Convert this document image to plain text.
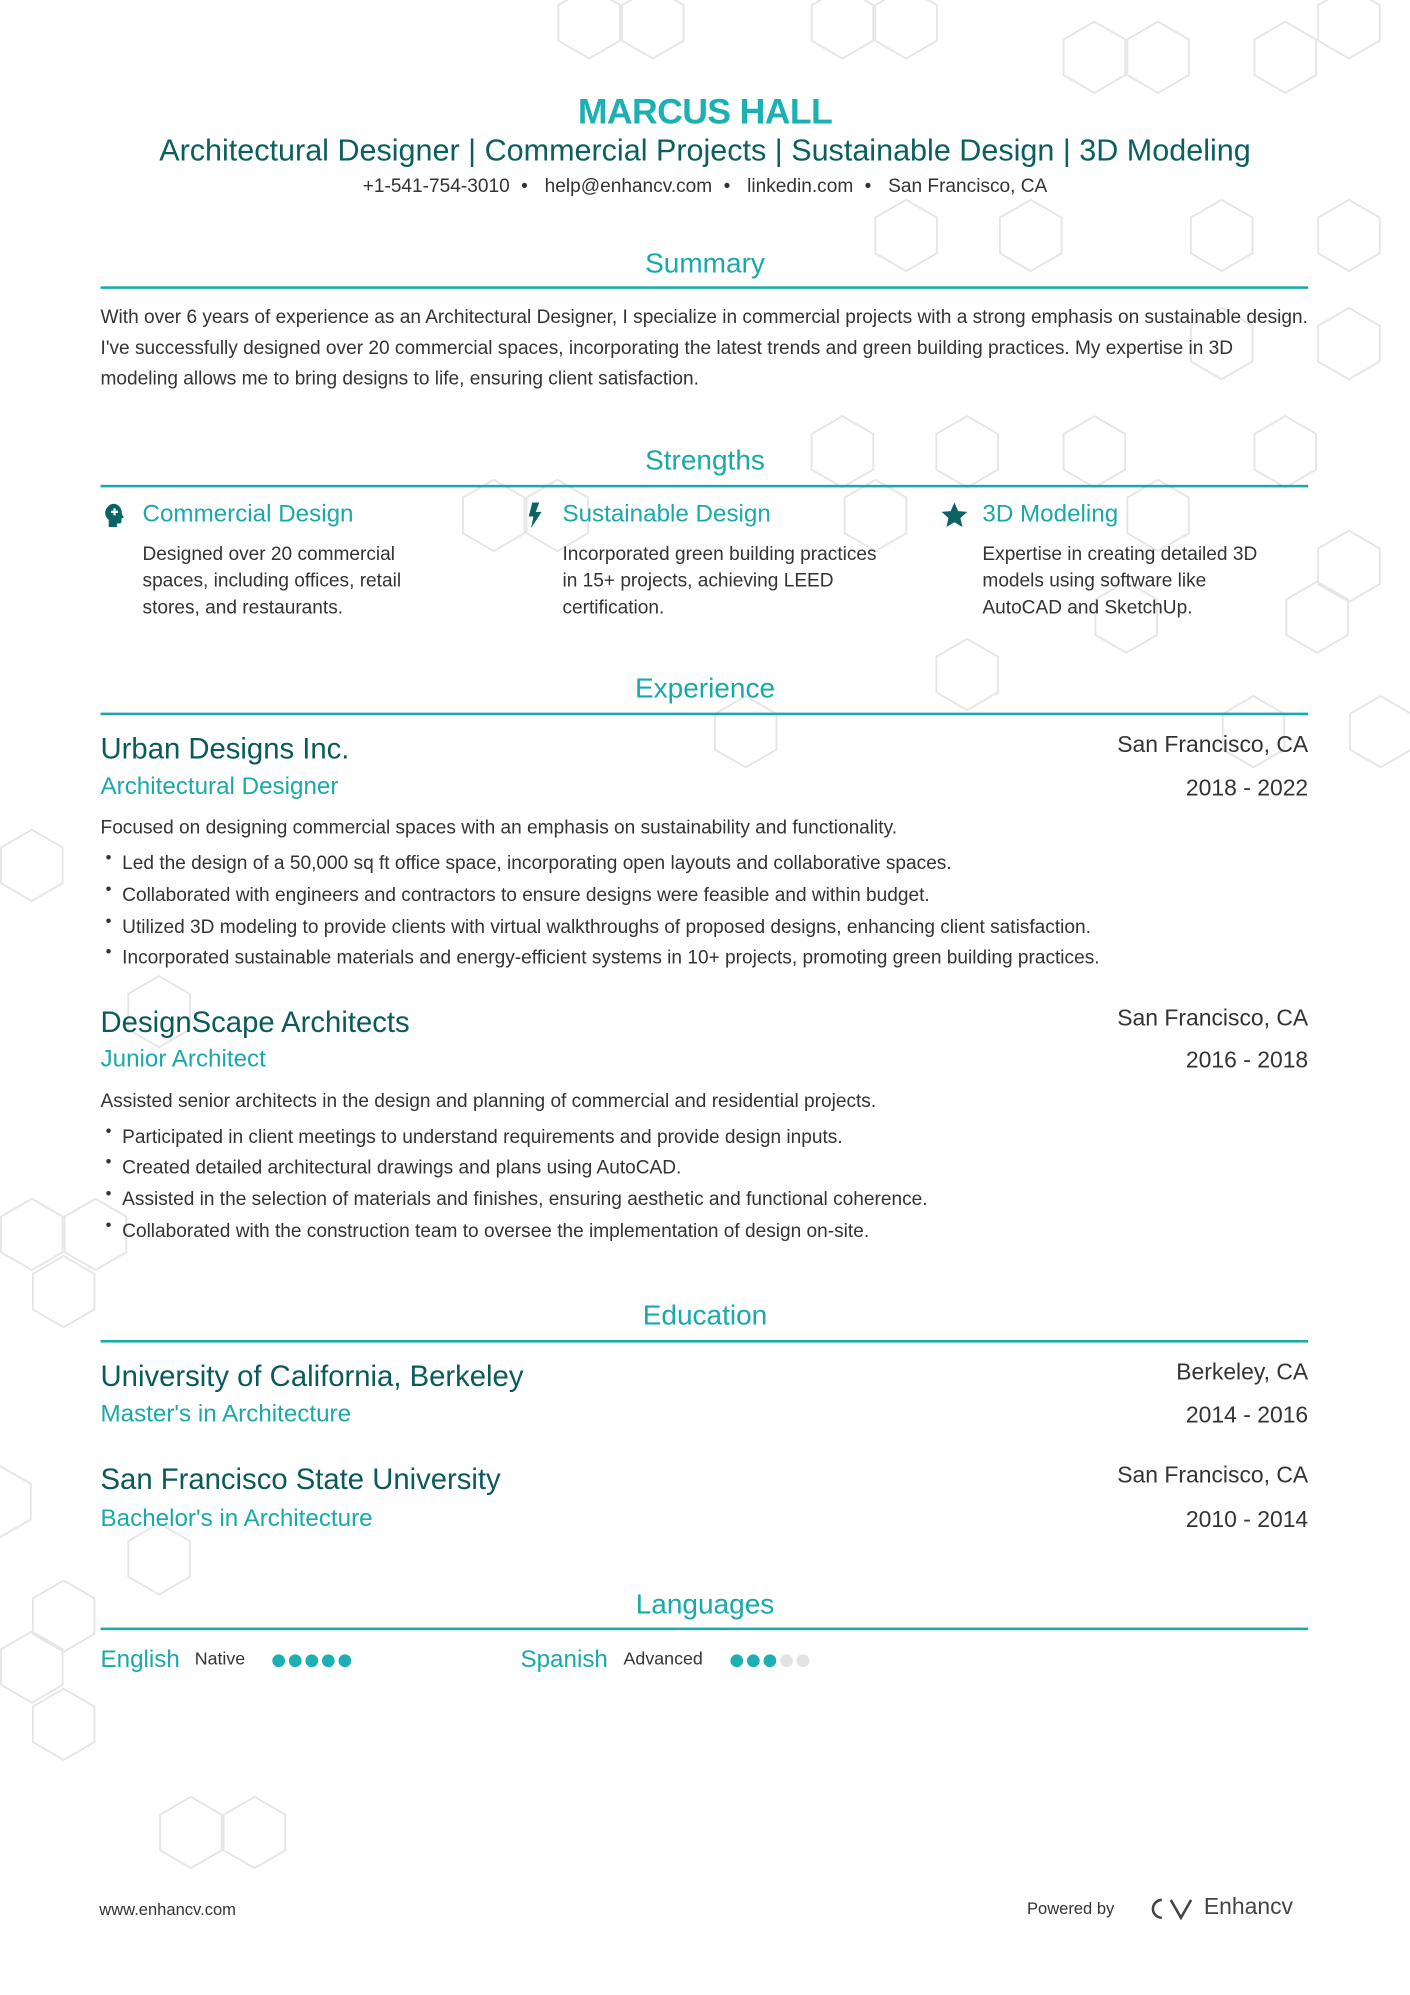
MARCUS HALL
Architectural Designer | Commercial Projects | Sustainable Design | 3D Modeling
+1-541-754-3010 • help@enhancv.com • linkedin.com • San Francisco, CA
Summary
With over 6 years of experience as an Architectural Designer, I specialize in commercial projects with a strong emphasis on sustainable design. I've successfully designed over 20 commercial spaces, incorporating the latest trends and green building practices. My expertise in 3D modeling allows me to bring designs to life, ensuring client satisfaction.
Strengths
Commercial Design
Designed over 20 commercial spaces, including offices, retail stores, and restaurants.
Sustainable Design
Incorporated green building practices in 15+ projects, achieving LEED certification.
3D Modeling
Expertise in creating detailed 3D models using software like AutoCAD and SketchUp.
Experience
Urban Designs Inc.	San Francisco, CA
Architectural Designer	2018 - 2022
Focused on designing commercial spaces with an emphasis on sustainability and functionality.
• Led the design of a 50,000 sq ft office space, incorporating open layouts and collaborative spaces.
• Collaborated with engineers and contractors to ensure designs were feasible and within budget.
• Utilized 3D modeling to provide clients with virtual walkthroughs of proposed designs, enhancing client satisfaction.
• Incorporated sustainable materials and energy-efficient systems in 10+ projects, promoting green building practices.
DesignScape Architects	San Francisco, CA
Junior Architect	2016 - 2018
Assisted senior architects in the design and planning of commercial and residential projects.
• Participated in client meetings to understand requirements and provide design inputs.
• Created detailed architectural drawings and plans using AutoCAD.
• Assisted in the selection of materials and finishes, ensuring aesthetic and functional coherence.
• Collaborated with the construction team to oversee the implementation of design on-site.
Education
University of California, Berkeley	Berkeley, CA
Master's in Architecture	2014 - 2016
San Francisco State University	San Francisco, CA
Bachelor's in Architecture	2010 - 2014
Languages
English Native	Spanish Advanced
www.enhancv.com	Powered by	Enhancv
